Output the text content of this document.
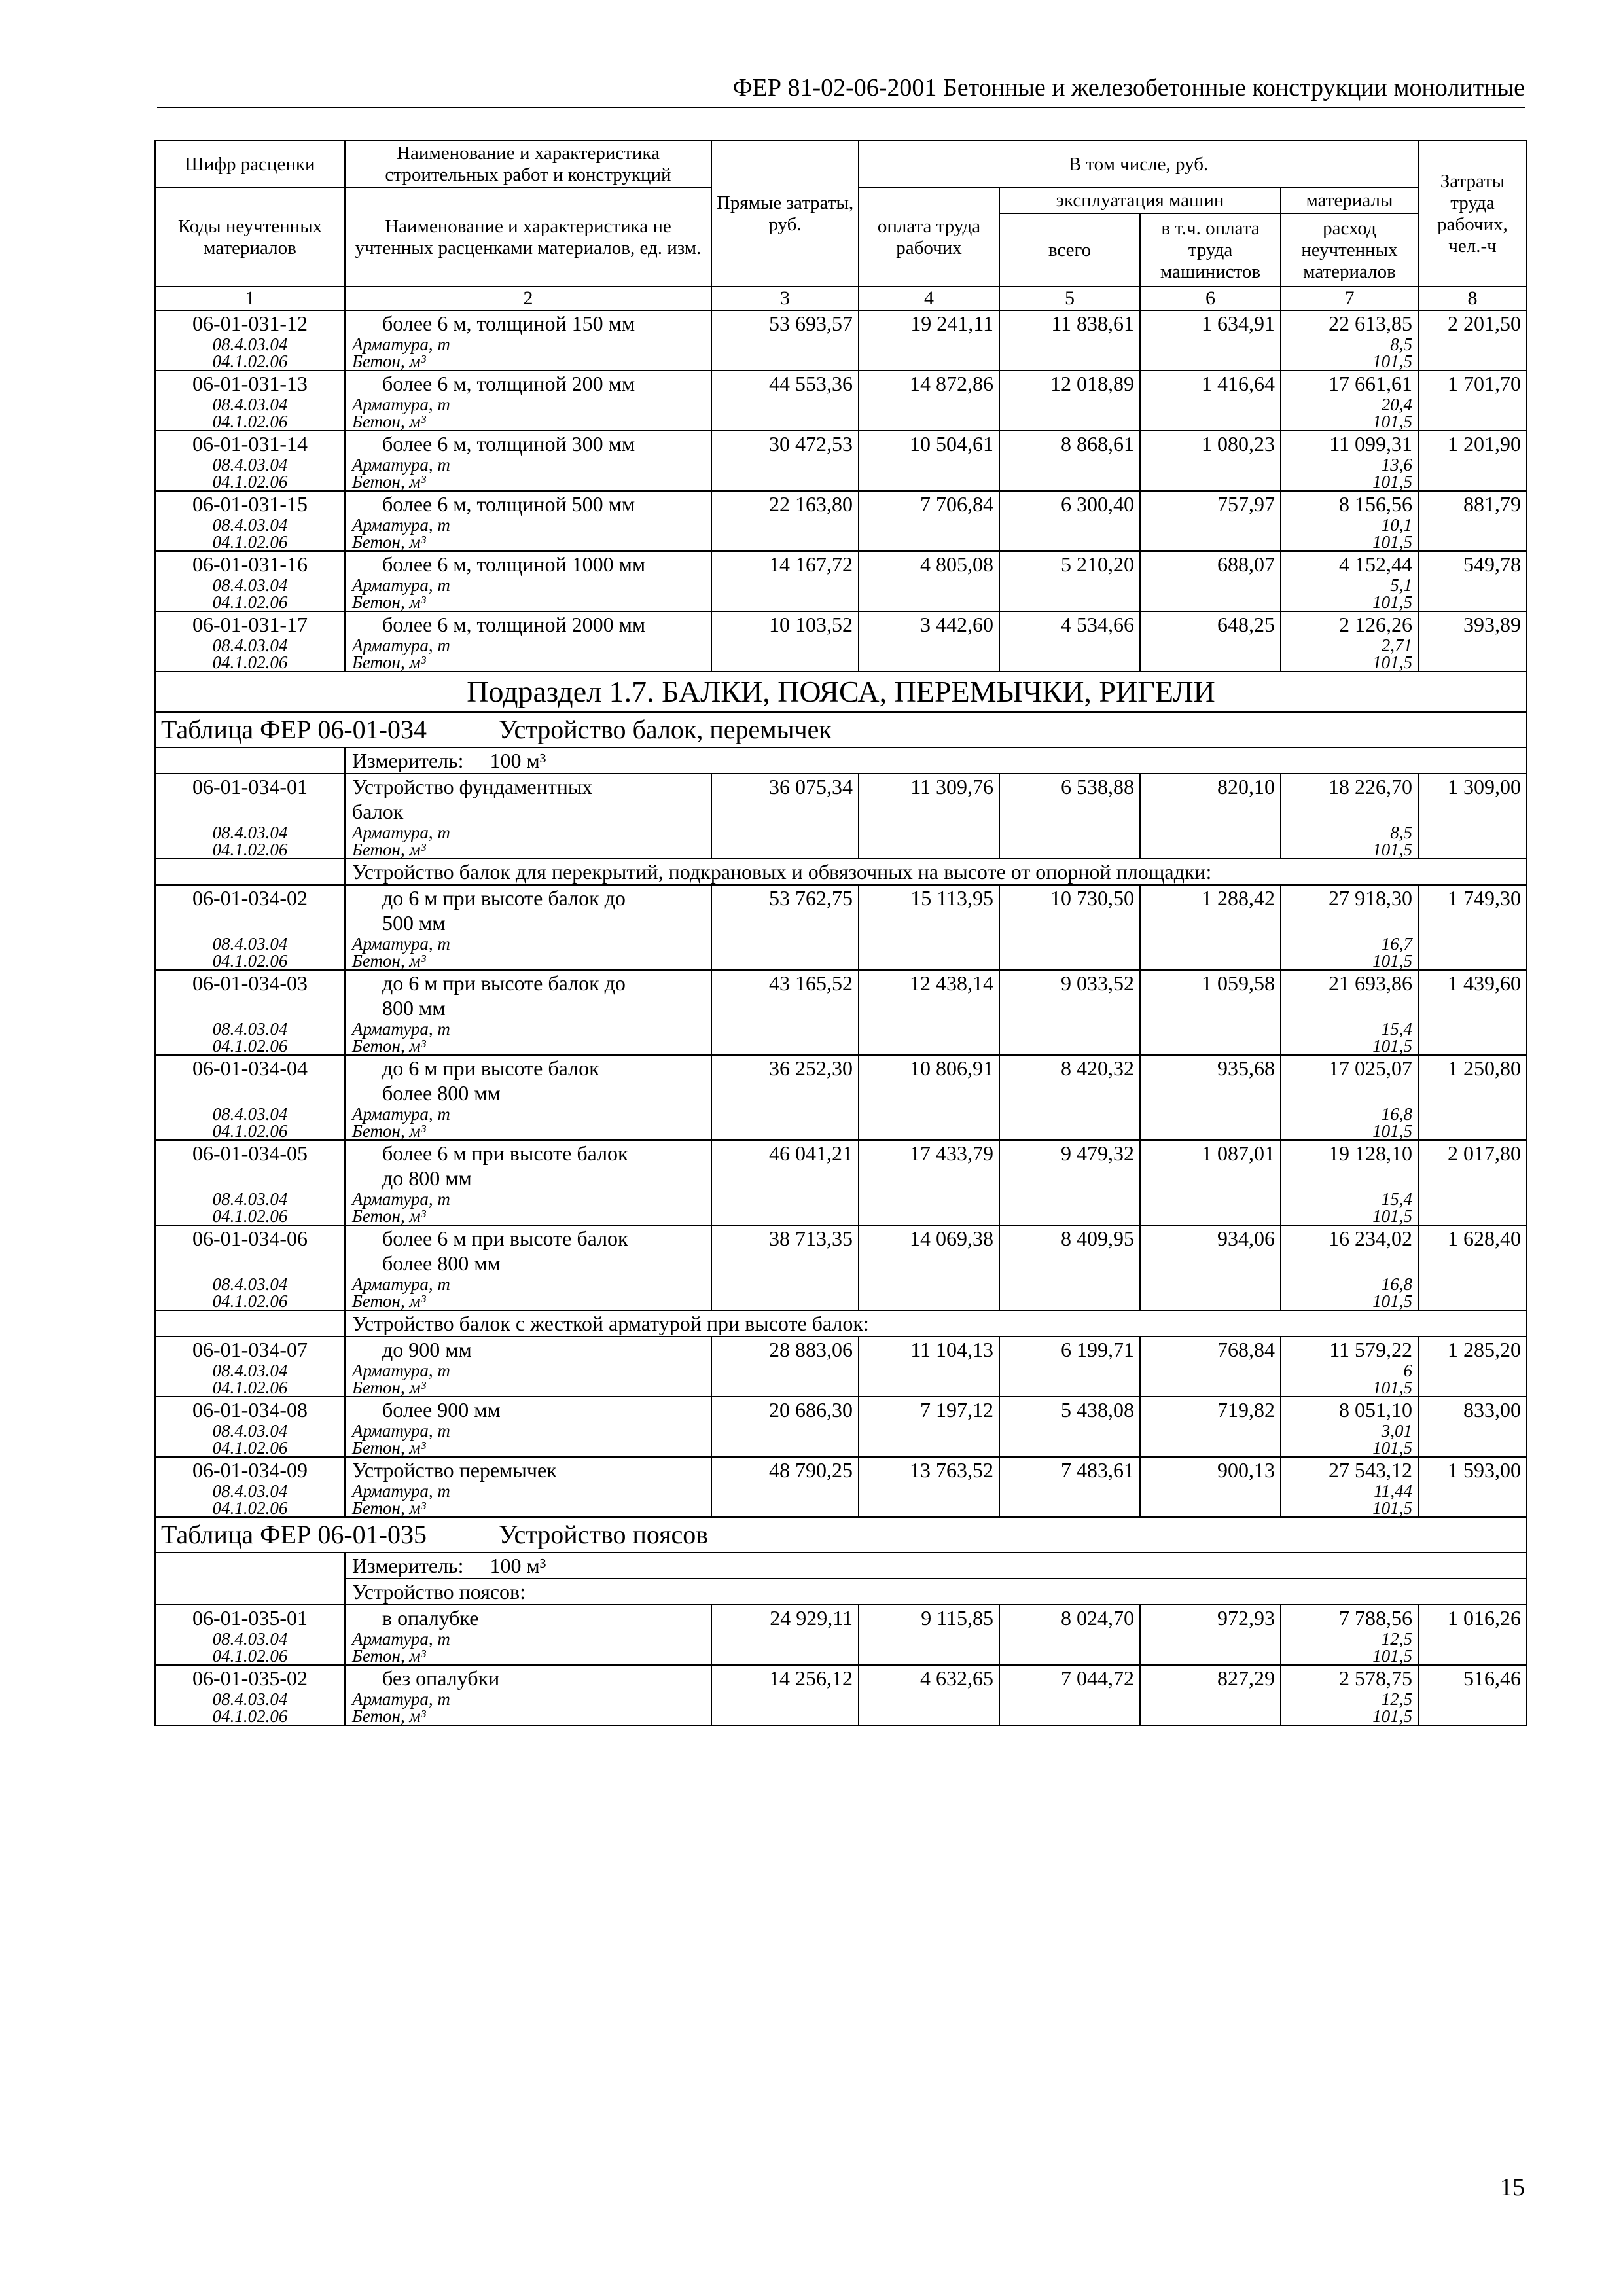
ФЕР 81-02-06-2001 Бетонные и железобетонные конструкции монолитные
Шифр расценки	Наименование и характеристика строительных работ и конструкций	Прямые затраты, руб.	В том числе, руб.				Затраты труда рабочих, чел.-ч
Коды неучтенных материалов	Наименование и характеристика не учтенных расценками материалов, ед. изм.		оплата труда рабочих	эксплуатация машин		материалы	
				всего	в т.ч. оплата труда машинистов	расход неучтенных материалов	
1	2	3	4	5	6	7	8
06-01-031-12	более 6 м, толщиной 150 мм	53 693,57	19 241,11	11 838,61	1 634,91	22 613,85	2 201,50
08.4.03.04	Арматура, т					8,5	
04.1.02.06	Бетон, м³					101,5	
06-01-031-13	более 6 м, толщиной 200 мм	44 553,36	14 872,86	12 018,89	1 416,64	17 661,61	1 701,70
08.4.03.04	Арматура, т					20,4	
04.1.02.06	Бетон, м³					101,5	
06-01-031-14	более 6 м, толщиной 300 мм	30 472,53	10 504,61	8 868,61	1 080,23	11 099,31	1 201,90
08.4.03.04	Арматура, т					13,6	
04.1.02.06	Бетон, м³					101,5	
06-01-031-15	более 6 м, толщиной 500 мм	22 163,80	7 706,84	6 300,40	757,97	8 156,56	881,79
08.4.03.04	Арматура, т					10,1	
04.1.02.06	Бетон, м³					101,5	
06-01-031-16	более 6 м, толщиной 1000 мм	14 167,72	4 805,08	5 210,20	688,07	4 152,44	549,78
08.4.03.04	Арматура, т					5,1	
04.1.02.06	Бетон, м³					101,5	
06-01-031-17	более 6 м, толщиной 2000 мм	10 103,52	3 442,60	4 534,66	648,25	2 126,26	393,89
08.4.03.04	Арматура, т					2,71	
04.1.02.06	Бетон, м³					101,5	
Подраздел 1.7. БАЛКИ, ПОЯСА, ПЕРЕМЫЧКИ, РИГЕЛИ							
Таблица ФЕР 06-01-034 Устройство балок, перемычек							
	Измеритель: 100 м³						
06-01-034-01	Устройство фундаментных	36 075,34	11 309,76	6 538,88	820,10	18 226,70	1 309,00
	балок						
08.4.03.04	Арматура, т					8,5	
04.1.02.06	Бетон, м³					101,5	
	Устройство балок для перекрытий, подкрановых и обвязочных на высоте от опорной площадки:						
06-01-034-02	до 6 м при высоте балок до	53 762,75	15 113,95	10 730,50	1 288,42	27 918,30	1 749,30
	500 мм						
08.4.03.04	Арматура, т					16,7	
04.1.02.06	Бетон, м³					101,5	
06-01-034-03	до 6 м при высоте балок до	43 165,52	12 438,14	9 033,52	1 059,58	21 693,86	1 439,60
	800 мм						
08.4.03.04	Арматура, т					15,4	
04.1.02.06	Бетон, м³					101,5	
06-01-034-04	до 6 м при высоте балок	36 252,30	10 806,91	8 420,32	935,68	17 025,07	1 250,80
	более 800 мм						
08.4.03.04	Арматура, т					16,8	
04.1.02.06	Бетон, м³					101,5	
06-01-034-05	более 6 м при высоте балок	46 041,21	17 433,79	9 479,32	1 087,01	19 128,10	2 017,80
	до 800 мм						
08.4.03.04	Арматура, т					15,4	
04.1.02.06	Бетон, м³					101,5	
06-01-034-06	более 6 м при высоте балок	38 713,35	14 069,38	8 409,95	934,06	16 234,02	1 628,40
	более 800 мм						
08.4.03.04	Арматура, т					16,8	
04.1.02.06	Бетон, м³					101,5	
	Устройство балок с жесткой арматурой при высоте балок:						
06-01-034-07	до 900 мм	28 883,06	11 104,13	6 199,71	768,84	11 579,22	1 285,20
08.4.03.04	Арматура, т					6	
04.1.02.06	Бетон, м³					101,5	
06-01-034-08	более 900 мм	20 686,30	7 197,12	5 438,08	719,82	8 051,10	833,00
08.4.03.04	Арматура, т					3,01	
04.1.02.06	Бетон, м³					101,5	
06-01-034-09	Устройство перемычек	48 790,25	13 763,52	7 483,61	900,13	27 543,12	1 593,00
08.4.03.04	Арматура, т					11,44	
04.1.02.06	Бетон, м³					101,5	
Таблица ФЕР 06-01-035 Устройство поясов							
	Измеритель: 100 м³						
	Устройство поясов:						
06-01-035-01	в опалубке	24 929,11	9 115,85	8 024,70	972,93	7 788,56	1 016,26
08.4.03.04	Арматура, т					12,5	
04.1.02.06	Бетон, м³					101,5	
06-01-035-02	без опалубки	14 256,12	4 632,65	7 044,72	827,29	2 578,75	516,46
08.4.03.04	Арматура, т					12,5	
04.1.02.06	Бетон, м³					101,5	
15
